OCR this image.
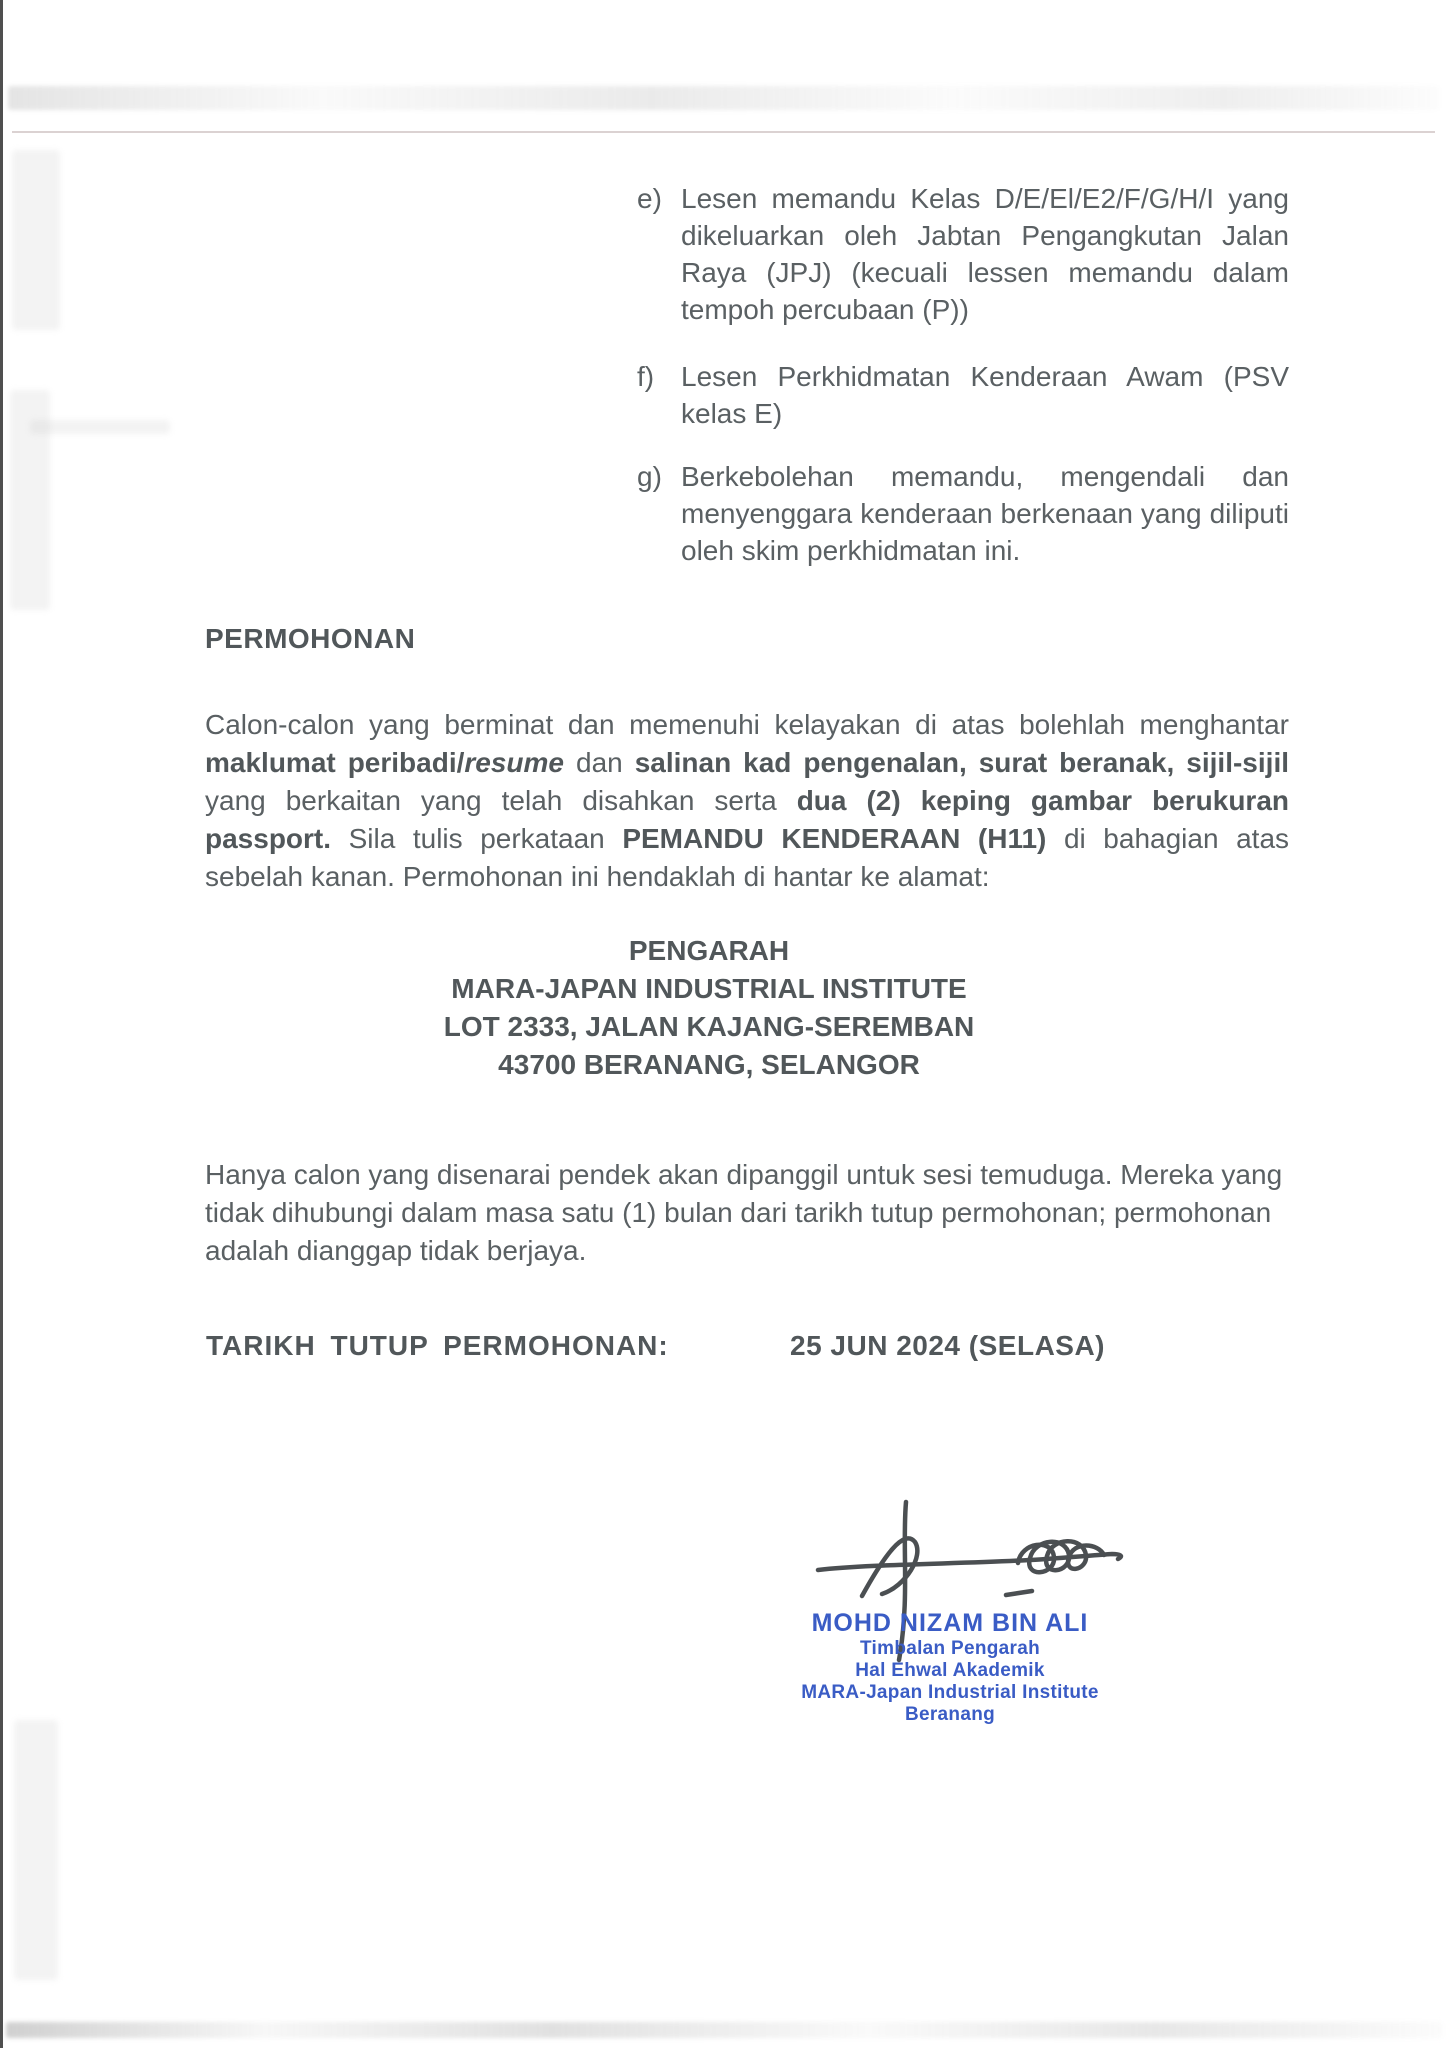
e) Lesen memandu Kelas D/E/El/E2/F/G/H/I yang dikeluarkan oleh Jabtan Pengangkutan Jalan Raya (JPJ) (kecuali lessen memandu dalam tempoh percubaan (P))
f) Lesen Perkhidmatan Kenderaan Awam (PSV kelas E)
g) Berkebolehan memandu, mengendali dan menyenggara kenderaan berkenaan yang diliputi oleh skim perkhidmatan ini.
PERMOHONAN
Calon-calon yang berminat dan memenuhi kelayakan di atas bolehlah menghantar maklumat peribadi/resume dan salinan kad pengenalan, surat beranak, sijil-sijil yang berkaitan yang telah disahkan serta dua (2) keping gambar berukuran passport. Sila tulis perkataan PEMANDU KENDERAAN (H11) di bahagian atas sebelah kanan. Permohonan ini hendaklah di hantar ke alamat:
PENGARAH
MARA-JAPAN INDUSTRIAL INSTITUTE
LOT 2333, JALAN KAJANG-SEREMBAN
43700 BERANANG, SELANGOR
Hanya calon yang disenarai pendek akan dipanggil untuk sesi temuduga. Mereka yang tidak dihubungi dalam masa satu (1) bulan dari tarikh tutup permohonan; permohonan adalah dianggap tidak berjaya.
TARIKH TUTUP PERMOHONAN:	25 JUN 2024 (SELASA)
MOHD NIZAM BIN ALI
Timbalan Pengarah
Hal Ehwal Akademik
MARA-Japan Industrial Institute
Beranang
